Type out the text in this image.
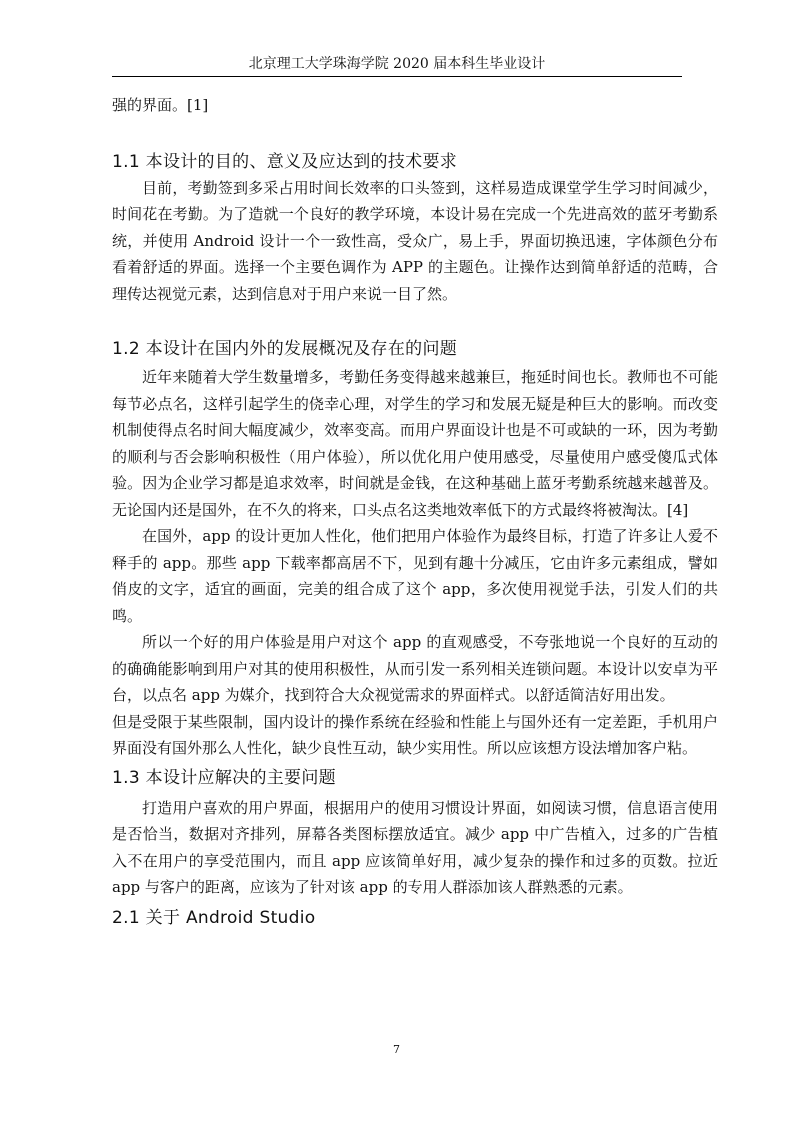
北京理工大学珠海学院 2020 届本科生毕业设计

强的界面。[1]

1.1 本设计的目的、意义及应达到的技术要求

目前，考勤签到多采占用时间长效率的口头签到，这样易造成课堂学生学习时间减少，时间花在考勤。为了造就一个良好的教学环境，本设计易在完成一个先进高效的蓝牙考勤系统，并使用 Android 设计一个一致性高，受众广，易上手，界面切换迅速，字体颜色分布看着舒适的界面。选择一个主要色调作为 APP 的主题色。让操作达到简单舒适的范畴，合理传达视觉元素，达到信息对于用户来说一目了然。

1.2 本设计在国内外的发展概况及存在的问题

近年来随着大学生数量增多，考勤任务变得越来越兼巨，拖延时间也长。教师也不可能每节必点名，这样引起学生的侥幸心理，对学生的学习和发展无疑是种巨大的影响。而改变机制使得点名时间大幅度减少，效率变高。而用户界面设计也是不可或缺的一环，因为考勤的顺利与否会影响积极性（用户体验），所以优化用户使用感受，尽量使用户感受傻瓜式体验。因为企业学习都是追求效率，时间就是金钱，在这种基础上蓝牙考勤系统越来越普及。无论国内还是国外，在不久的将来，口头点名这类地效率低下的方式最终将被淘汰。[4]

在国外，app 的设计更加人性化，他们把用户体验作为最终目标，打造了许多让人爱不释手的 app。那些 app 下载率都高居不下，见到有趣十分减压，它由许多元素组成，譬如俏皮的文字，适宜的画面，完美的组合成了这个 app，多次使用视觉手法，引发人们的共鸣。

所以一个好的用户体验是用户对这个 app 的直观感受，不夸张地说一个良好的互动的的确确能影响到用户对其的使用积极性，从而引发一系列相关连锁问题。本设计以安卓为平台，以点名 app 为媒介，找到符合大众视觉需求的界面样式。以舒适简洁好用出发。

但是受限于某些限制，国内设计的操作系统在经验和性能上与国外还有一定差距，手机用户界面没有国外那么人性化，缺少良性互动，缺少实用性。所以应该想方设法增加客户粘。

1.3 本设计应解决的主要问题

打造用户喜欢的用户界面，根据用户的使用习惯设计界面，如阅读习惯，信息语言使用是否恰当，数据对齐排列，屏幕各类图标摆放适宜。减少 app 中广告植入，过多的广告植入不在用户的享受范围内，而且 app 应该简单好用，减少复杂的操作和过多的页数。拉近 app 与客户的距离，应该为了针对该 app 的专用人群添加该人群熟悉的元素。

2.1 关于 Android Studio
7
